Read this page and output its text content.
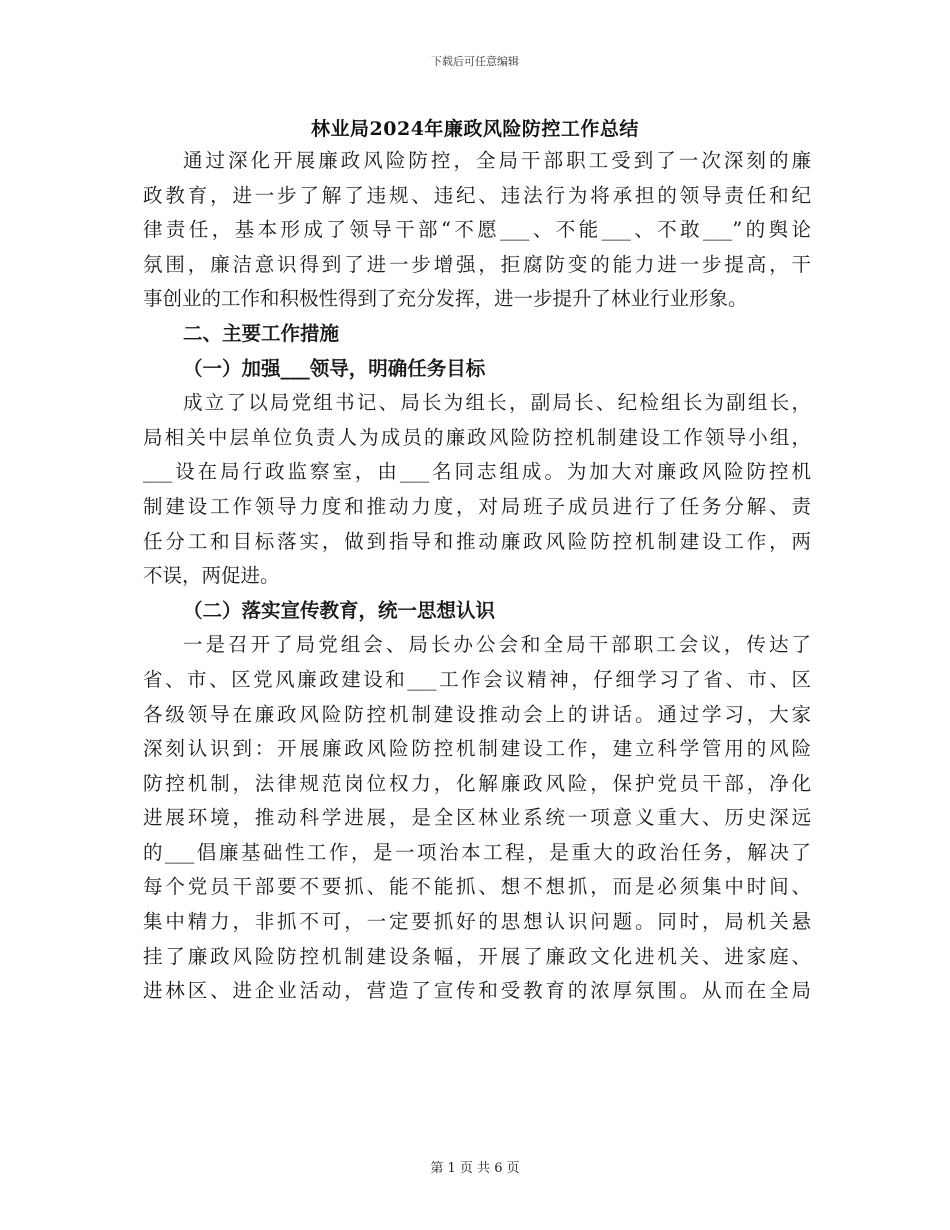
下载后可任意编辑
林业局2024年廉政风险防控工作总结
通过深化开展廉政风险防控，全局干部职工受到了一次深刻的廉
政教育，进一步了解了违规、违纪、违法行为将承担的领导责任和纪
律责任，基本形成了领导干部“不愿___、不能___、不敢___”的舆论
氛围，廉洁意识得到了进一步增强，拒腐防变的能力进一步提高，干
事创业的工作和积极性得到了充分发挥，进一步提升了林业行业形象。
二、主要工作措施
（一）加强___领导，明确任务目标
成立了以局党组书记、局长为组长，副局长、纪检组长为副组长，
局相关中层单位负责人为成员的廉政风险防控机制建设工作领导小组，
___设在局行政监察室，由___名同志组成。为加大对廉政风险防控机
制建设工作领导力度和推动力度，对局班子成员进行了任务分解、责
任分工和目标落实，做到指导和推动廉政风险防控机制建设工作，两
不误，两促进。
（二）落实宣传教育，统一思想认识
一是召开了局党组会、局长办公会和全局干部职工会议，传达了
省、市、区党风廉政建设和___工作会议精神，仔细学习了省、市、区
各级领导在廉政风险防控机制建设推动会上的讲话。通过学习，大家
深刻认识到：开展廉政风险防控机制建设工作，建立科学管用的风险
防控机制，法律规范岗位权力，化解廉政风险，保护党员干部，净化
进展环境，推动科学进展，是全区林业系统一项意义重大、历史深远
的___倡廉基础性工作，是一项治本工程，是重大的政治任务，解决了
每个党员干部要不要抓、能不能抓、想不想抓，而是必须集中时间、
集中精力，非抓不可，一定要抓好的思想认识问题。同时，局机关悬
挂了廉政风险防控机制建设条幅，开展了廉政文化进机关、进家庭、
进林区、进企业活动，营造了宣传和受教育的浓厚氛围。从而在全局
第 1 页 共 6 页
